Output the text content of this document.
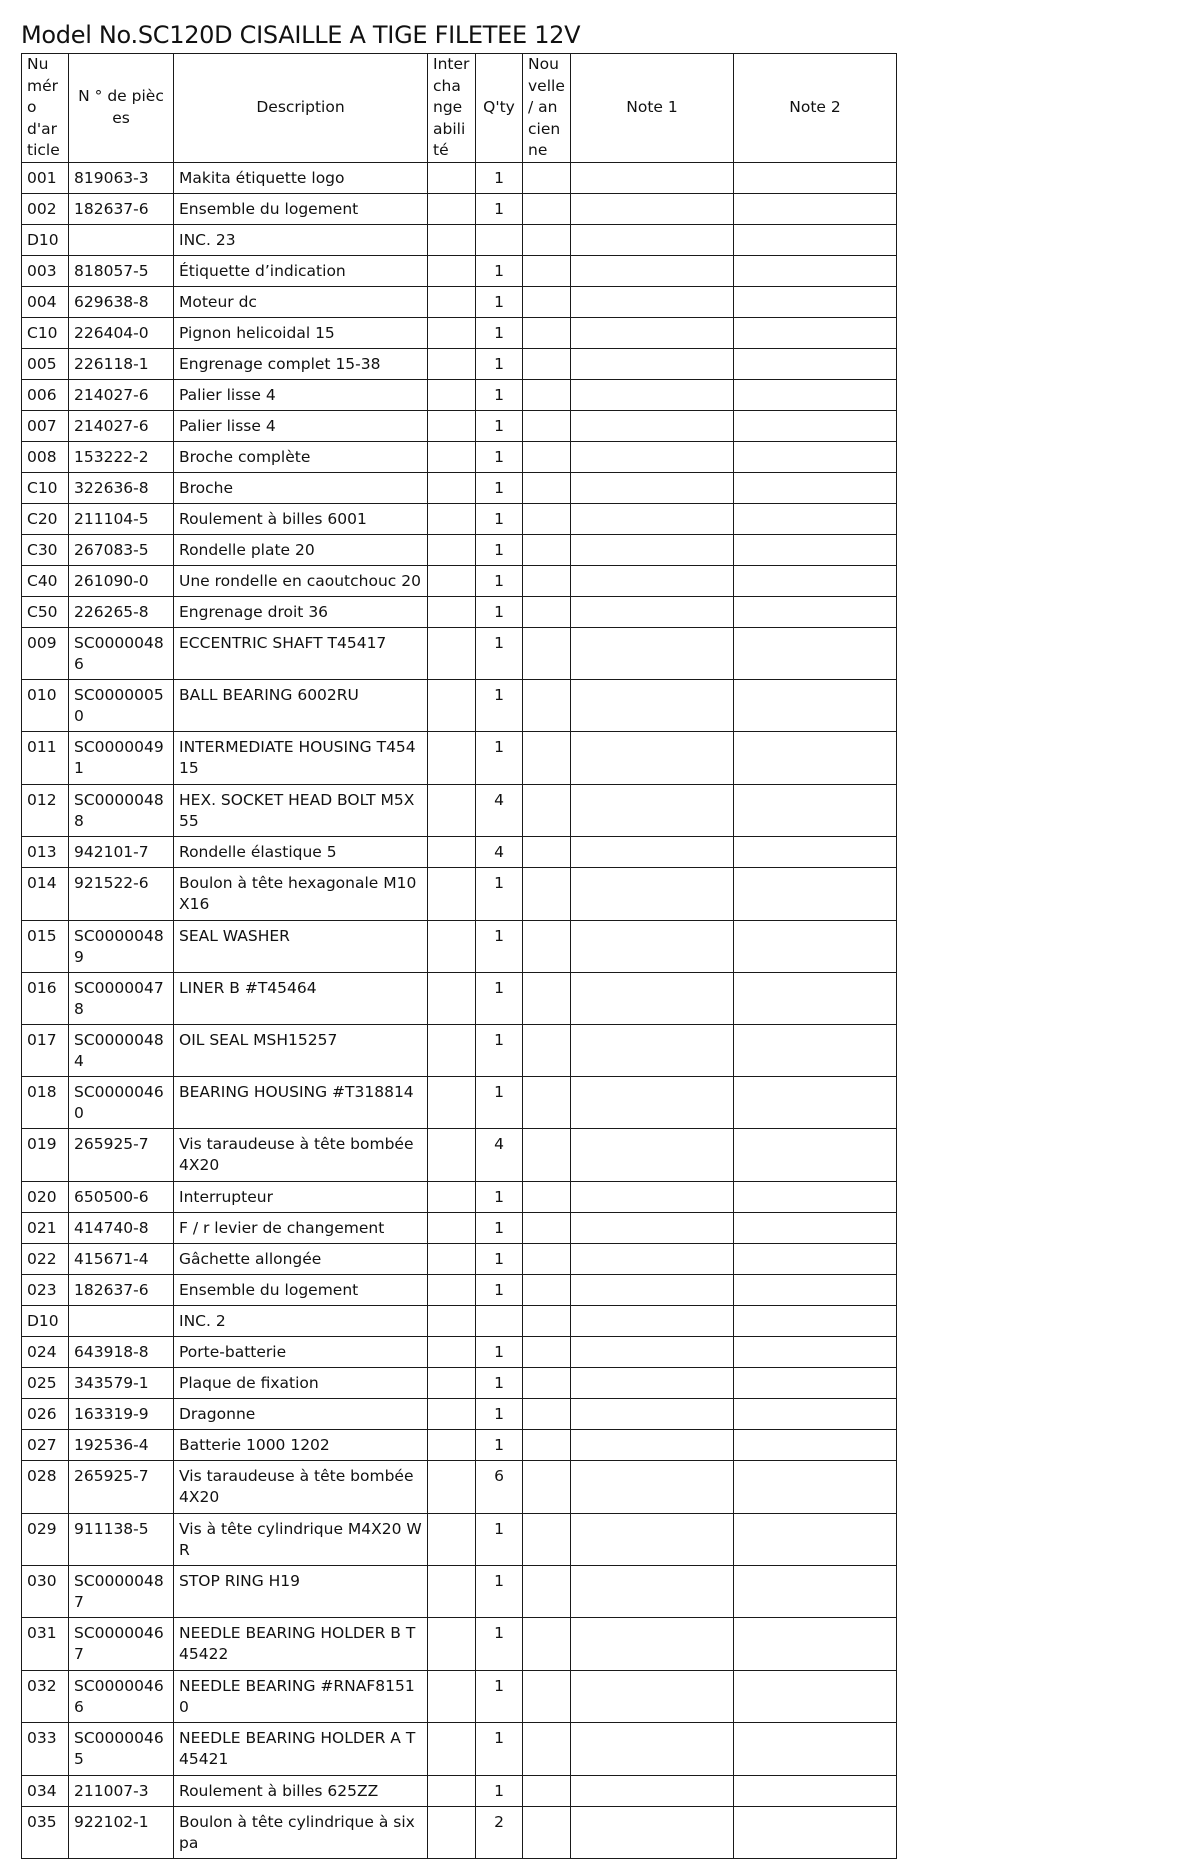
Model No.SC120D CISAILLE A TIGE FILETEE 12V
Numéro d'article	N ° de pièces	Description	Interchangeabilité	Q'ty	Nouvelle / ancienne	Note 1	Note 2
001	819063-3	Makita étiquette logo		1			
002	182637-6	Ensemble du logement		1			
D10		INC. 23					
003	818057-5	Étiquette d’indication		1			
004	629638-8	Moteur dc		1			
C10	226404-0	Pignon helicoidal 15		1			
005	226118-1	Engrenage complet 15-38		1			
006	214027-6	Palier lisse 4		1			
007	214027-6	Palier lisse 4		1			
008	153222-2	Broche complète		1			
C10	322636-8	Broche		1			
C20	211104-5	Roulement à billes 6001		1			
C30	267083-5	Rondelle plate 20		1			
C40	261090-0	Une rondelle en caoutchouc 20		1			
C50	226265-8	Engrenage droit 36		1			
009	SC00000486	ECCENTRIC SHAFT T45417		1			
010	SC00000050	BALL BEARING 6002RU		1			
011	SC00000491	INTERMEDIATE HOUSING T45415		1			
012	SC00000488	HEX. SOCKET HEAD BOLT M5X55		4			
013	942101-7	Rondelle élastique 5		4			
014	921522-6	Boulon à tête hexagonale M10X16		1			
015	SC00000489	SEAL WASHER		1			
016	SC00000478	LINER B #T45464		1			
017	SC00000484	OIL SEAL MSH15257		1			
018	SC00000460	BEARING HOUSING #T318814		1			
019	265925-7	Vis taraudeuse à tête bombée 4X20		4			
020	650500-6	Interrupteur		1			
021	414740-8	F / r levier de changement		1			
022	415671-4	Gâchette allongée		1			
023	182637-6	Ensemble du logement		1			
D10		INC. 2					
024	643918-8	Porte-batterie		1			
025	343579-1	Plaque de fixation		1			
026	163319-9	Dragonne		1			
027	192536-4	Batterie 1000 1202		1			
028	265925-7	Vis taraudeuse à tête bombée 4X20		6			
029	911138-5	Vis à tête cylindrique M4X20 WR		1			
030	SC00000487	STOP RING H19		1			
031	SC00000467	NEEDLE BEARING HOLDER B T45422		1			
032	SC00000466	NEEDLE BEARING #RNAF81510		1			
033	SC00000465	NEEDLE BEARING HOLDER A T45421		1			
034	211007-3	Roulement à billes 625ZZ		1			
035	922102-1	Boulon à tête cylindrique à six pa		2			
